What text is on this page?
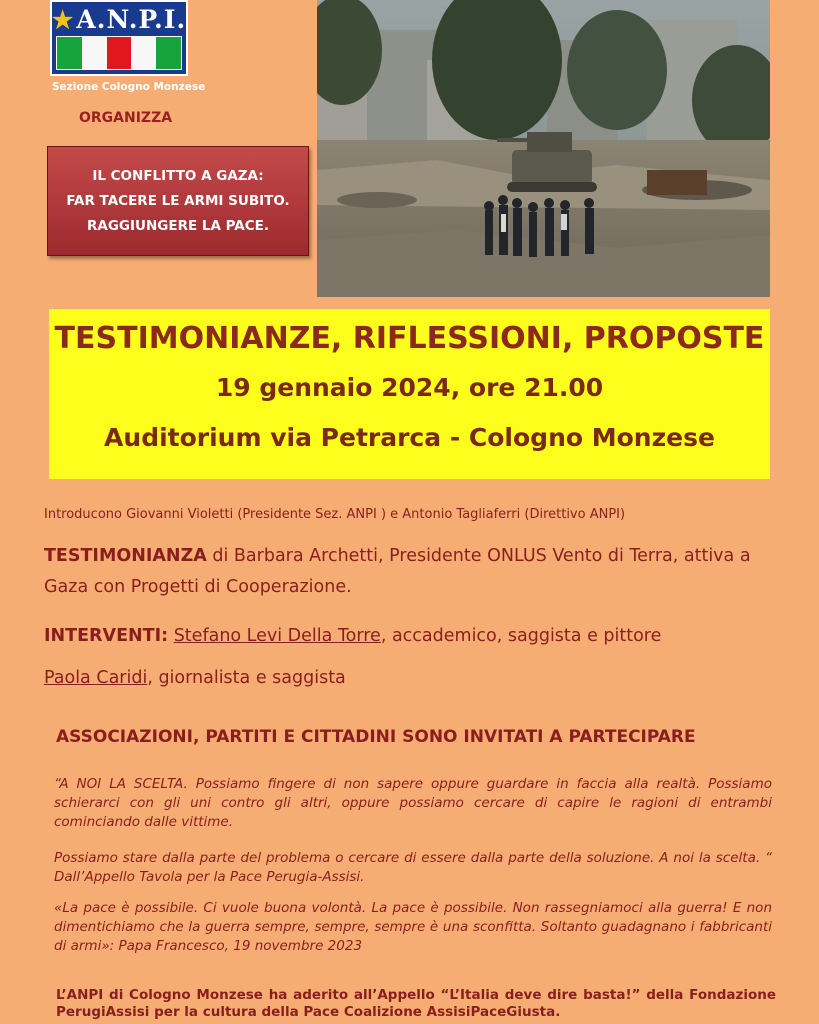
★ A.N.P.I.
Sezione Cologno Monzese
ORGANIZZA
IL CONFLITTO A GAZA:
FAR TACERE LE ARMI SUBITO.
RAGGIUNGERE LA PACE.
TESTIMONIANZE, RIFLESSIONI, PROPOSTE
19 gennaio 2024, ore 21.00
Auditorium via Petrarca - Cologno Monzese
Introducono Giovanni Violetti (Presidente Sez. ANPI ) e Antonio Tagliaferri (Direttivo ANPI)
TESTIMONIANZA di Barbara Archetti, Presidente ONLUS Vento di Terra, attiva a Gaza con Progetti di Cooperazione.
INTERVENTI: Stefano Levi Della Torre, accademico, saggista e pittore
Paola Caridi, giornalista e saggista
ASSOCIAZIONI, PARTITI E CITTADINI SONO INVITATI A PARTECIPARE
“A NOI LA SCELTA. Possiamo fingere di non sapere oppure guardare in faccia alla realtà. Possiamo schierarci con gli uni contro gli altri, oppure possiamo cercare di capire le ragioni di entrambi cominciando dalle vittime.
Possiamo stare dalla parte del problema o cercare di essere dalla parte della soluzione. A noi la scelta. “ Dall’Appello Tavola per la Pace Perugia-Assisi.
«La pace è possibile. Ci vuole buona volontà. La pace è possibile. Non rassegniamoci alla guerra! E non dimentichiamo che la guerra sempre, sempre, sempre è una sconfitta. Soltanto guadagnano i fabbricanti di armi»: Papa Francesco, 19 novembre 2023
L’ANPI di Cologno Monzese ha aderito all’Appello “L’Italia deve dire basta!” della Fondazione PerugiAssisi per la cultura della Pace Coalizione AssisiPaceGiusta.
